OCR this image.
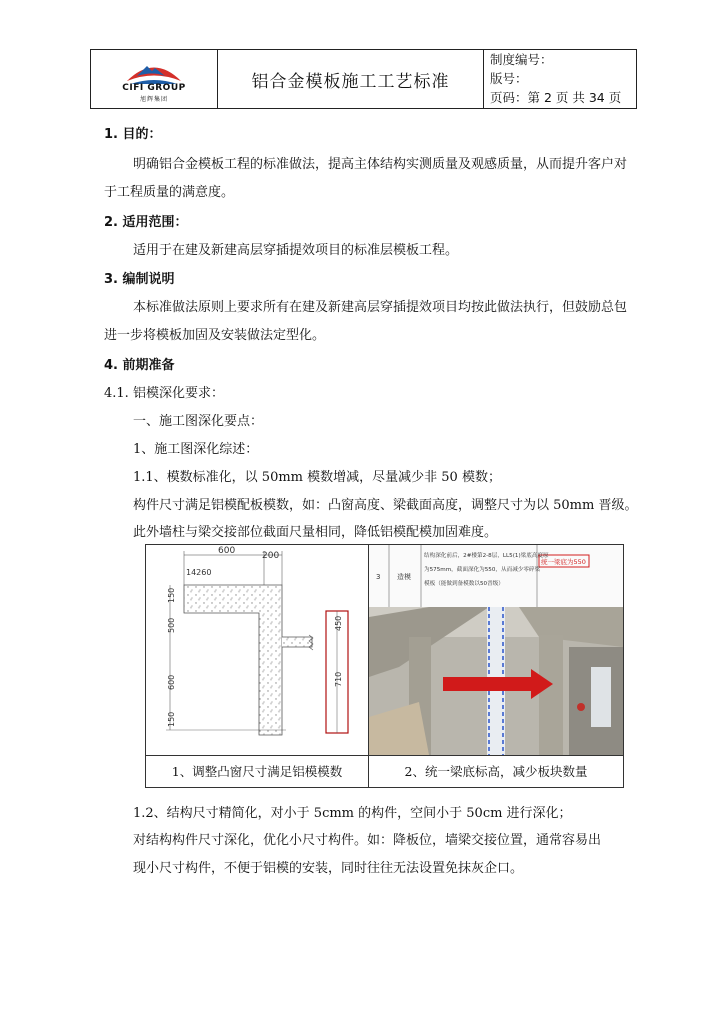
CIFI GROUP
旭辉集团
铝合金模板施工工艺标准
制度编号：
版号：
页码：第 2 页 共 34 页
1. 目的：
明确铝合金模板工程的标准做法，提高主体结构实测质量及观感质量，从而提升客户对
于工程质量的满意度。
2. 适用范围：
适用于在建及新建高层穿插提效项目的标准层模板工程。
3. 编制说明
本标准做法原则上要求所有在建及新建高层穿插提效项目均按此做法执行，但鼓励总包
进一步将模板加固及安装做法定型化。
4. 前期准备
4.1. 铝模深化要求：
一、施工图深化要点：
1、施工图深化综述：
1.1、模数标准化，以 50mm 模数增减，尽量减少非 50 模数；
构件尺寸满足铝模配板模数，如：凸窗高度、梁截面高度，调整尺寸为以 50mm 晋级。
此外墙柱与梁交接部位截面尺量相同，降低铝模配模加固难度。
600	200
14260
150
500
600
150
450
710
3 造模
结构深化前后，2#楼第2-8层，LL5(1)梁底高度原
为575mm，截面深化为550，从而减少零碎梁
模板（能做到备模数以50晋级）
统一梁底为550
1、调整凸窗尺寸满足铝模模数	2、统一梁底标高，减少板块数量
1.2、结构尺寸精简化，对小于 5cmm 的构件，空间小于 50cm 进行深化；
对结构构件尺寸深化，优化小尺寸构件。如：降板位，墙梁交接位置，通常容易出
现小尺寸构件，不便于铝模的安装，同时往往无法设置免抹灰企口。
